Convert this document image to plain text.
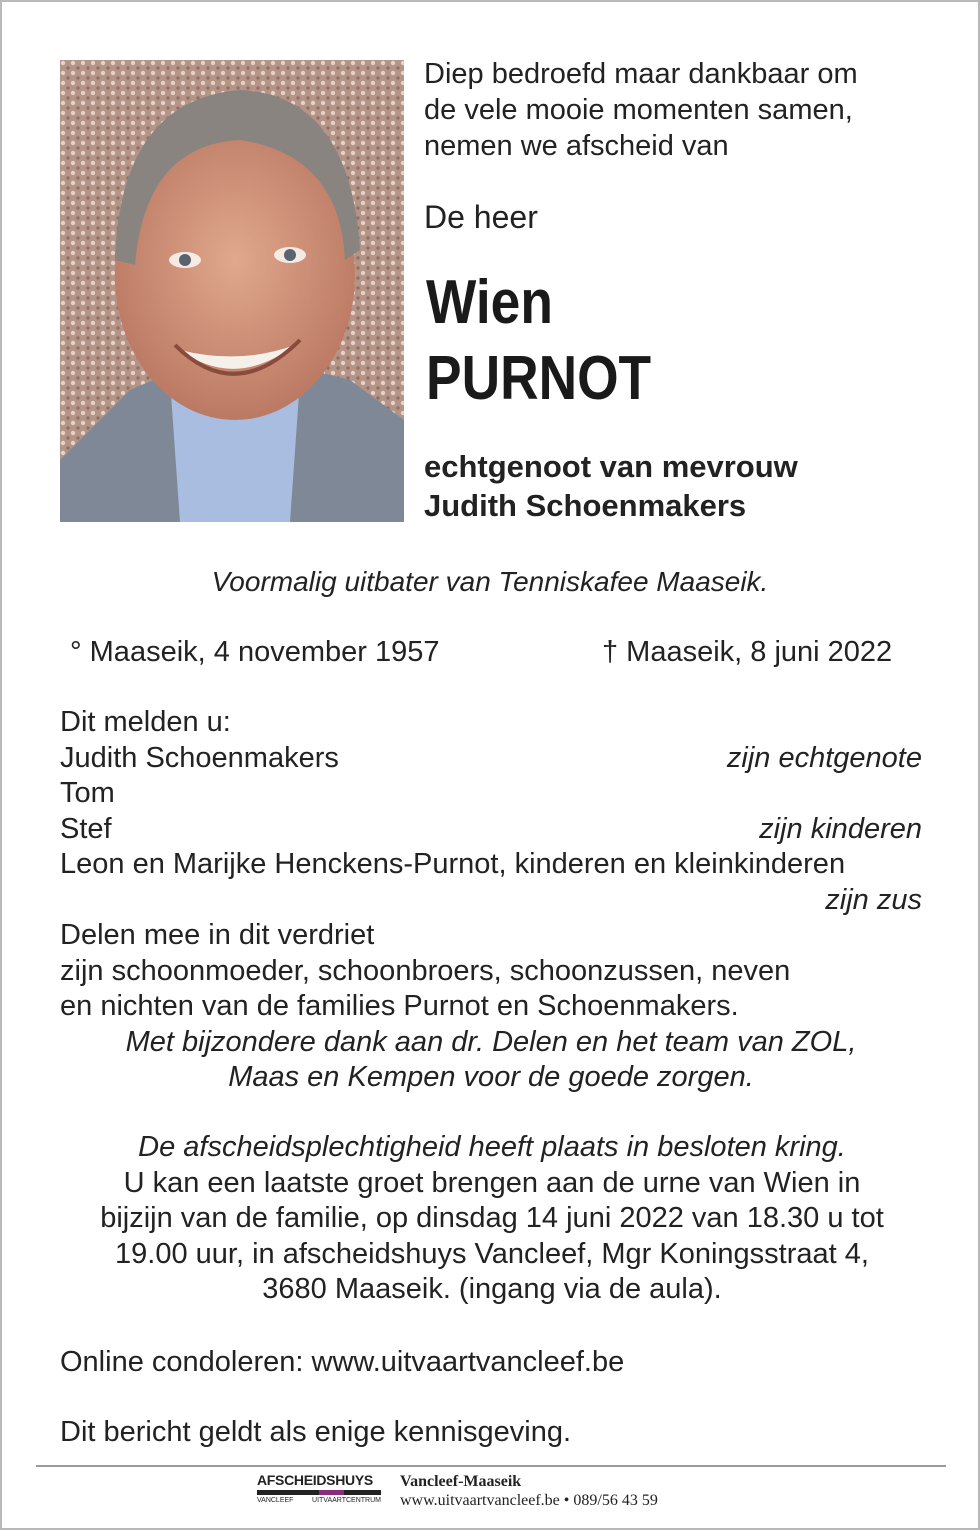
Diep bedroefd maar dankbaar om
de vele mooie momenten samen,
nemen we afscheid van
De heer
Wien
PURNOT
echtgenoot van mevrouw
Judith Schoenmakers
Voormalig uitbater van Tenniskafee Maaseik.
° Maaseik, 4 november 1957	† Maaseik, 8 juni 2022
Dit melden u:
Judith Schoenmakers	zijn echtgenote
Tom
Stef	zijn kinderen
Leon en Marijke Henckens-Purnot, kinderen en kleinkinderen
zijn zus
Delen mee in dit verdriet
zijn schoonmoeder, schoonbroers, schoonzussen, neven
en nichten van de families Purnot en Schoenmakers.
Met bijzondere dank aan dr. Delen en het team van ZOL,
Maas en Kempen voor de goede zorgen.
De afscheidsplechtigheid heeft plaats in besloten kring.
U kan een laatste groet brengen aan de urne van Wien in
bijzijn van de familie, op dinsdag 14 juni 2022 van 18.30 u tot
19.00 uur, in afscheidshuys Vancleef, Mgr Koningsstraat 4,
3680 Maaseik. (ingang via de aula).
Online condoleren: www.uitvaartvancleef.be
Dit bericht geldt als enige kennisgeving.
AFSCHEIDSHUYS
VANCLEEF	UITVAARTCENTRUM
Vancleef-Maaseik
www.uitvaartvancleef.be • 089/56 43 59
